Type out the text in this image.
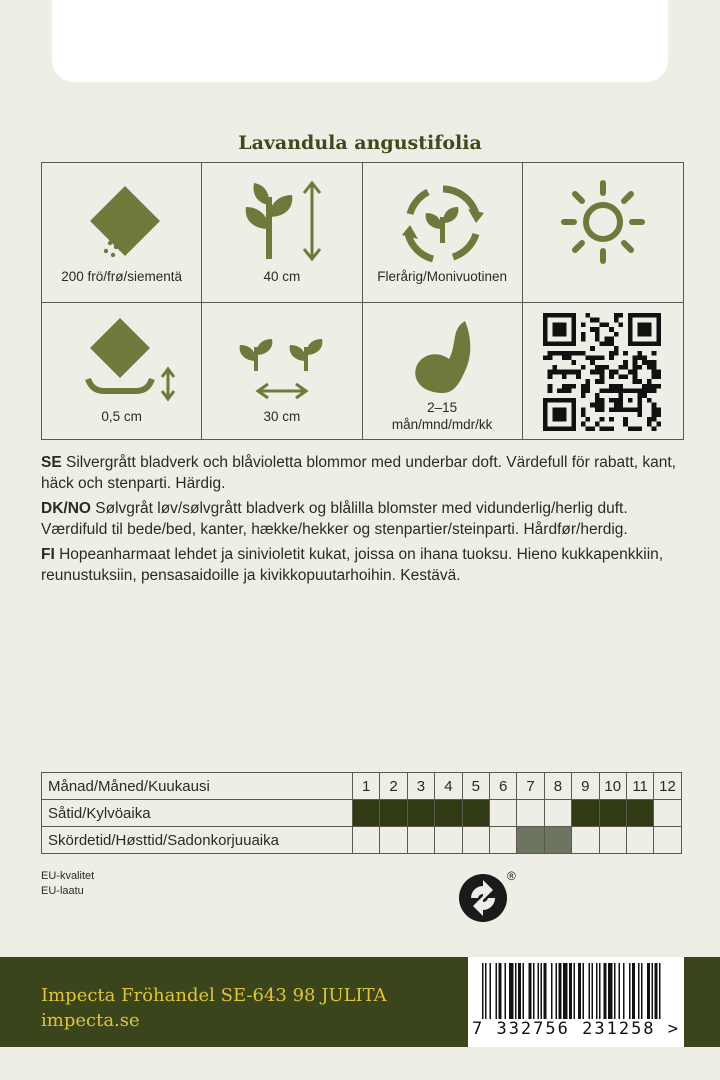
Lavandula angustifolia
200 frö/frø/siementä	40 cm	Flerårig/Monivuotinen
0,5 cm	30 cm
2–15
mån/mnd/mdr/kk

SE Silvergrått bladverk och blåvioletta blommor med underbar doft. Värdefull för rabatt, kant, häck och stenparti. Härdig.

DK/NO Sølvgråt løv/sølvgrått bladverk og blålilla blomster med vidunderlig/herlig duft. Værdifuld til bede/bed, kanter, hække/hekker og stenpartier/steinparti. Hårdfør/herdig.

FI Hopeanharmaat lehdet ja sinivioletit kukat, joissa on ihana tuoksu. Hieno kukkapenkkiin, reunustuksiin, pensasaidoille ja kivikkopuutarhoihin. Kestävä.

Månad/Måned/Kuukausi	1	2	3	4	5	6	7	8	9	10	11	12
Såtid/Kylvöaika												
Skördetid/Høsttid/Sadonkorjuuaika												
EU-kvalitet
EU-laatu
®
Impecta Fröhandel SE-643 98 JULITA
impecta.se	7 332756 231258 >
